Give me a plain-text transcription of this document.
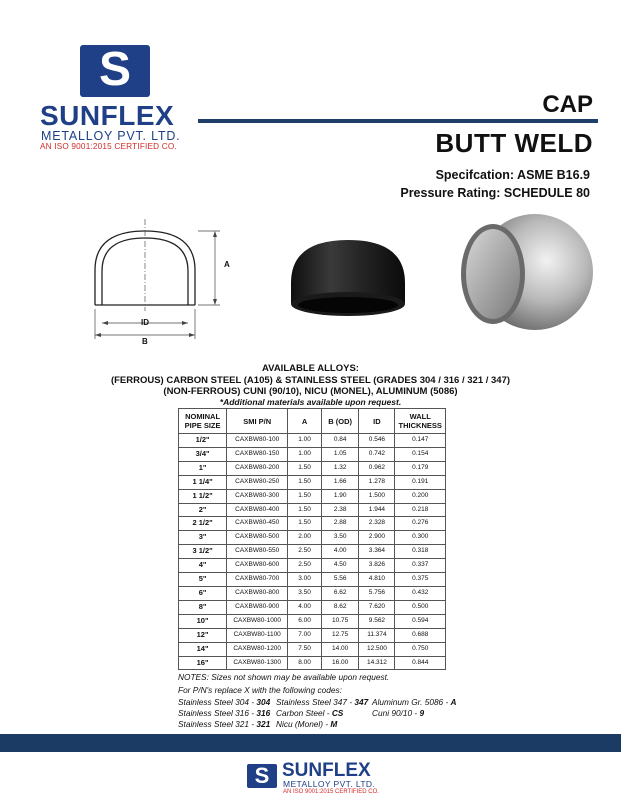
S
SUNFLEX
METALLOY PVT. LTD.
AN ISO 9001:2015 CERTIFIED CO.
CAP
BUTT WELD
Specifcation: ASME B16.9
Pressure Rating: SCHEDULE 80
A
ID
B
AVAILABLE ALLOYS:
(FERROUS) CARBON STEEL (A105) & STAINLESS STEEL (GRADES 304 / 316 / 321 / 347)
(NON-FERROUS) CUNI (90/10), NICU (MONEL), ALUMINUM (5086)
*Additional materials available upon request.
NOMINAL PIPE SIZE	SMI P/N	A	B (OD)	ID	WALL THICKNESS
1/2"	CAXBW80-100	1.00	0.84	0.546	0.147
3/4"	CAXBW80-150	1.00	1.05	0.742	0.154
1"	CAXBW80-200	1.50	1.32	0.962	0.179
1 1/4"	CAXBW80-250	1.50	1.66	1.278	0.191
1 1/2"	CAXBW80-300	1.50	1.90	1.500	0.200
2"	CAXBW80-400	1.50	2.38	1.944	0.218
2 1/2"	CAXBW80-450	1.50	2.88	2.328	0.276
3"	CAXBW80-500	2.00	3.50	2.900	0.300
3 1/2"	CAXBW80-550	2.50	4.00	3.364	0.318
4"	CAXBW80-600	2.50	4.50	3.826	0.337
5"	CAXBW80-700	3.00	5.56	4.810	0.375
6"	CAXBW80-800	3.50	6.62	5.756	0.432
8"	CAXBW80-900	4.00	8.62	7.620	0.500
10"	CAXBW80-1000	6.00	10.75	9.562	0.594
12"	CAXBW80-1100	7.00	12.75	11.374	0.688
14"	CAXBW80-1200	7.50	14.00	12.500	0.750
16"	CAXBW80-1300	8.00	16.00	14.312	0.844
NOTES: Sizes not shown may be available upon request.
For P/N's replace X with the following codes:
Stainless Steel 304 - 304 Stainless Steel 347 - 347 Aluminum Gr. 5086 - A
Stainless Steel 316 - 316 Carbon Steel - CS	Cuni 90/10 - 9
Stainless Steel 321 - 321 Nicu (Monel) - M
S SUNFLEX
METALLOY PVT. LTD.
AN ISO 9001:2015 CERTIFIED CO.
